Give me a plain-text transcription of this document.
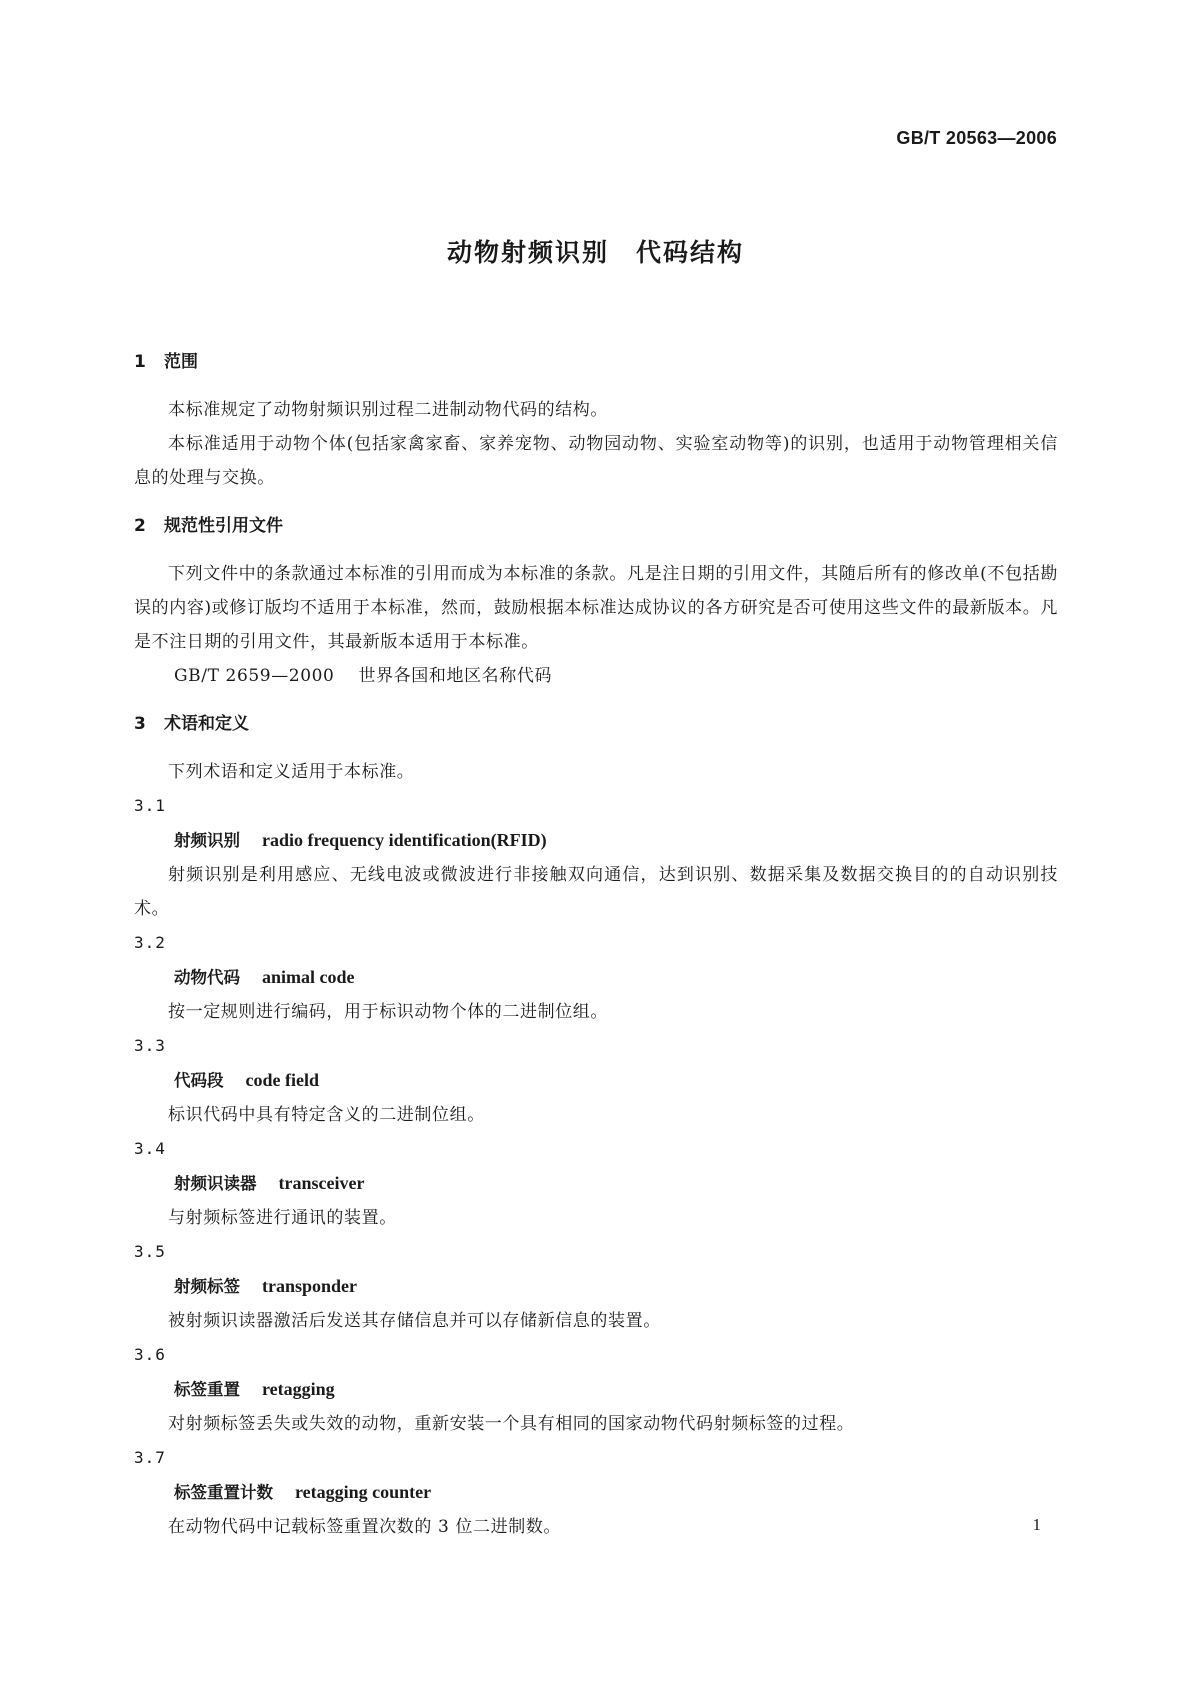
GB/T 20563—2006
动物射频识别　代码结构
1 范围
本标准规定了动物射频识别过程二进制动物代码的结构。
本标准适用于动物个体(包括家禽家畜、家养宠物、动物园动物、实验室动物等)的识别，也适用于动物管理相关信息的处理与交换。
2 规范性引用文件
下列文件中的条款通过本标准的引用而成为本标准的条款。凡是注日期的引用文件，其随后所有的修改单(不包括勘误的内容)或修订版均不适用于本标准，然而，鼓励根据本标准达成协议的各方研究是否可使用这些文件的最新版本。凡是不注日期的引用文件，其最新版本适用于本标准。
GB/T 2659—2000 世界各国和地区名称代码
3 术语和定义
下列术语和定义适用于本标准。
3.1
射频识别 radio frequency identification(RFID)
射频识别是利用感应、无线电波或微波进行非接触双向通信，达到识别、数据采集及数据交换目的的自动识别技术。
3.2
动物代码 animal code
按一定规则进行编码，用于标识动物个体的二进制位组。
3.3
代码段 code field
标识代码中具有特定含义的二进制位组。
3.4
射频识读器 transceiver
与射频标签进行通讯的装置。
3.5
射频标签 transponder
被射频识读器激活后发送其存储信息并可以存储新信息的装置。
3.6
标签重置 retagging
对射频标签丢失或失效的动物，重新安装一个具有相同的国家动物代码射频标签的过程。
3.7
标签重置计数 retagging counter
在动物代码中记载标签重置次数的 3 位二进制数。	1
